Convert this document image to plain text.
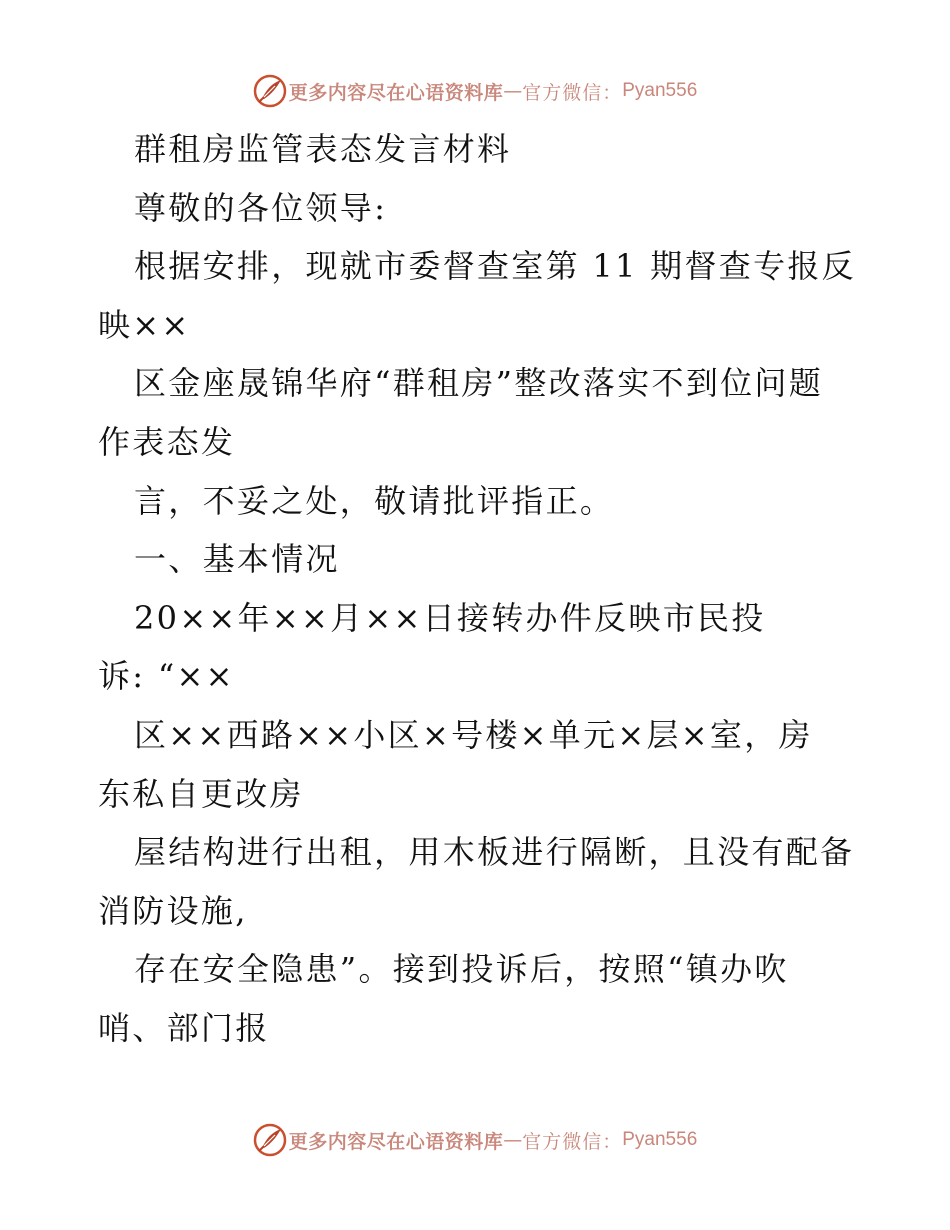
更多内容尽在心语资料库 — 官方微信： Pyan556
群租房监管表态发言材料
尊敬的各位领导:
根据安排，现就市委督查室第 11 期督查专报反
映××
区金座晟锦华府“群租房”整改落实不到位问题
作表态发
言，不妥之处，敬请批评指正。
一、基本情况
20××年××月××日接转办件反映市民投
诉: “××
区××西路××小区×号楼×单元×层×室，房
东私自更改房
屋结构进行出租，用木板进行隔断，且没有配备
消防设施,
存在安全隐患”。接到投诉后，按照“镇办吹
哨、部门报
更多内容尽在心语资料库 — 官方微信： Pyan556
